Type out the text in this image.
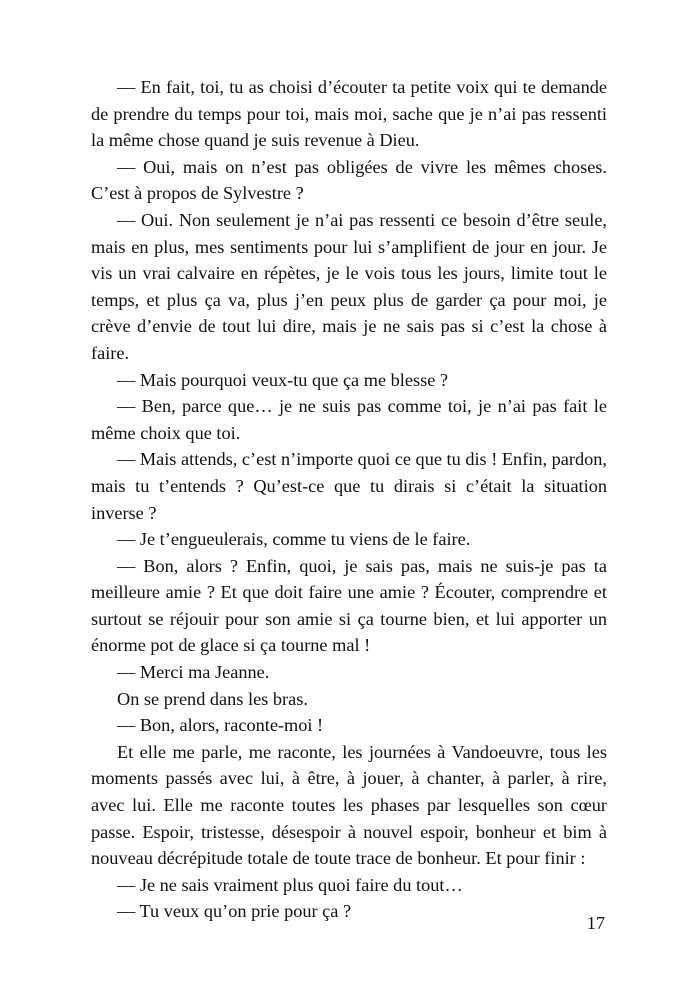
— En fait, toi, tu as choisi d’écouter ta petite voix qui te demande de prendre du temps pour toi, mais moi, sache que je n’ai pas ressenti la même chose quand je suis revenue à Dieu.

— Oui, mais on n’est pas obligées de vivre les mêmes choses. C’est à propos de Sylvestre ?

— Oui. Non seulement je n’ai pas ressenti ce besoin d’être seule, mais en plus, mes sentiments pour lui s’amplifient de jour en jour. Je vis un vrai calvaire en répètes, je le vois tous les jours, limite tout le temps, et plus ça va, plus j’en peux plus de garder ça pour moi, je crève d’envie de tout lui dire, mais je ne sais pas si c’est la chose à faire.

— Mais pourquoi veux-tu que ça me blesse ?

— Ben, parce que… je ne suis pas comme toi, je n’ai pas fait le même choix que toi.

— Mais attends, c’est n’importe quoi ce que tu dis ! Enfin, pardon, mais tu t’entends ? Qu’est-ce que tu dirais si c’était la situation inverse ?

— Je t’engueulerais, comme tu viens de le faire.

— Bon, alors ? Enfin, quoi, je sais pas, mais ne suis-je pas ta meilleure amie ? Et que doit faire une amie ? Écouter, comprendre et surtout se réjouir pour son amie si ça tourne bien, et lui apporter un énorme pot de glace si ça tourne mal !

— Merci ma Jeanne.

On se prend dans les bras.

— Bon, alors, raconte-moi !

Et elle me parle, me raconte, les journées à Vandoeuvre, tous les moments passés avec lui, à être, à jouer, à chanter, à parler, à rire, avec lui. Elle me raconte toutes les phases par lesquelles son cœur passe. Espoir, tristesse, désespoir à nouvel espoir, bonheur et bim à nouveau décrépitude totale de toute trace de bonheur. Et pour finir :

— Je ne sais vraiment plus quoi faire du tout…

— Tu veux qu’on prie pour ça ?

17
